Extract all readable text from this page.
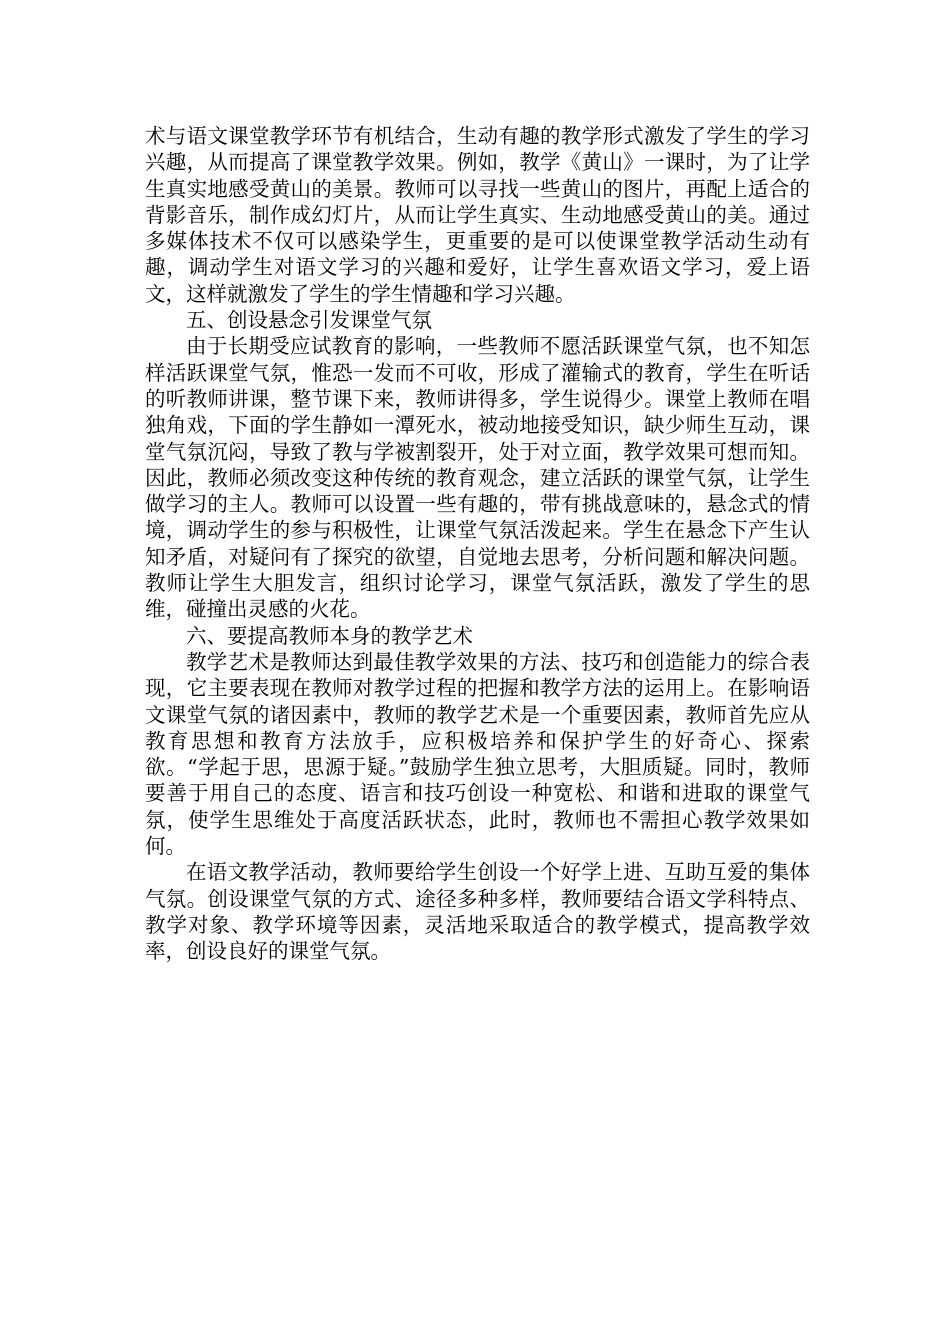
术与语文课堂教学环节有机结合，生动有趣的教学形式激发了学生的学习兴趣，从而提高了课堂教学效果。例如，教学《黄山》一课时，为了让学生真实地感受黄山的美景。教师可以寻找一些黄山的图片，再配上适合的背影音乐，制作成幻灯片，从而让学生真实、生动地感受黄山的美。通过多媒体技术不仅可以感染学生，更重要的是可以使课堂教学活动生动有趣，调动学生对语文学习的兴趣和爱好，让学生喜欢语文学习，爱上语文，这样就激发了学生的学生情趣和学习兴趣。

五、创设悬念引发课堂气氛

由于长期受应试教育的影响，一些教师不愿活跃课堂气氛，也不知怎样活跃课堂气氛，惟恐一发而不可收，形成了灌输式的教育，学生在听话的听教师讲课，整节课下来，教师讲得多，学生说得少。课堂上教师在唱独角戏，下面的学生静如一潭死水，被动地接受知识，缺少师生互动，课堂气氛沉闷，导致了教与学被割裂开，处于对立面，教学效果可想而知。因此，教师必须改变这种传统的教育观念，建立活跃的课堂气氛，让学生做学习的主人。教师可以设置一些有趣的，带有挑战意味的，悬念式的情境，调动学生的参与积极性，让课堂气氛活泼起来。学生在悬念下产生认知矛盾，对疑问有了探究的欲望，自觉地去思考，分析问题和解决问题。教师让学生大胆发言，组织讨论学习，课堂气氛活跃，激发了学生的思维，碰撞出灵感的火花。

六、要提高教师本身的教学艺术

教学艺术是教师达到最佳教学效果的方法、技巧和创造能力的综合表现，它主要表现在教师对教学过程的把握和教学方法的运用上。在影响语文课堂气氛的诸因素中，教师的教学艺术是一个重要因素，教师首先应从教育思想和教育方法放手，应积极培养和保护学生的好奇心、探索欲。“学起于思，思源于疑。”鼓励学生独立思考，大胆质疑。同时，教师要善于用自己的态度、语言和技巧创设一种宽松、和谐和进取的课堂气氛，使学生思维处于高度活跃状态，此时，教师也不需担心教学效果如何。

在语文教学活动，教师要给学生创设一个好学上进、互助互爱的集体气氛。创设课堂气氛的方式、途径多种多样，教师要结合语文学科特点、教学对象、教学环境等因素，灵活地采取适合的教学模式，提高教学效率，创设良好的课堂气氛。
